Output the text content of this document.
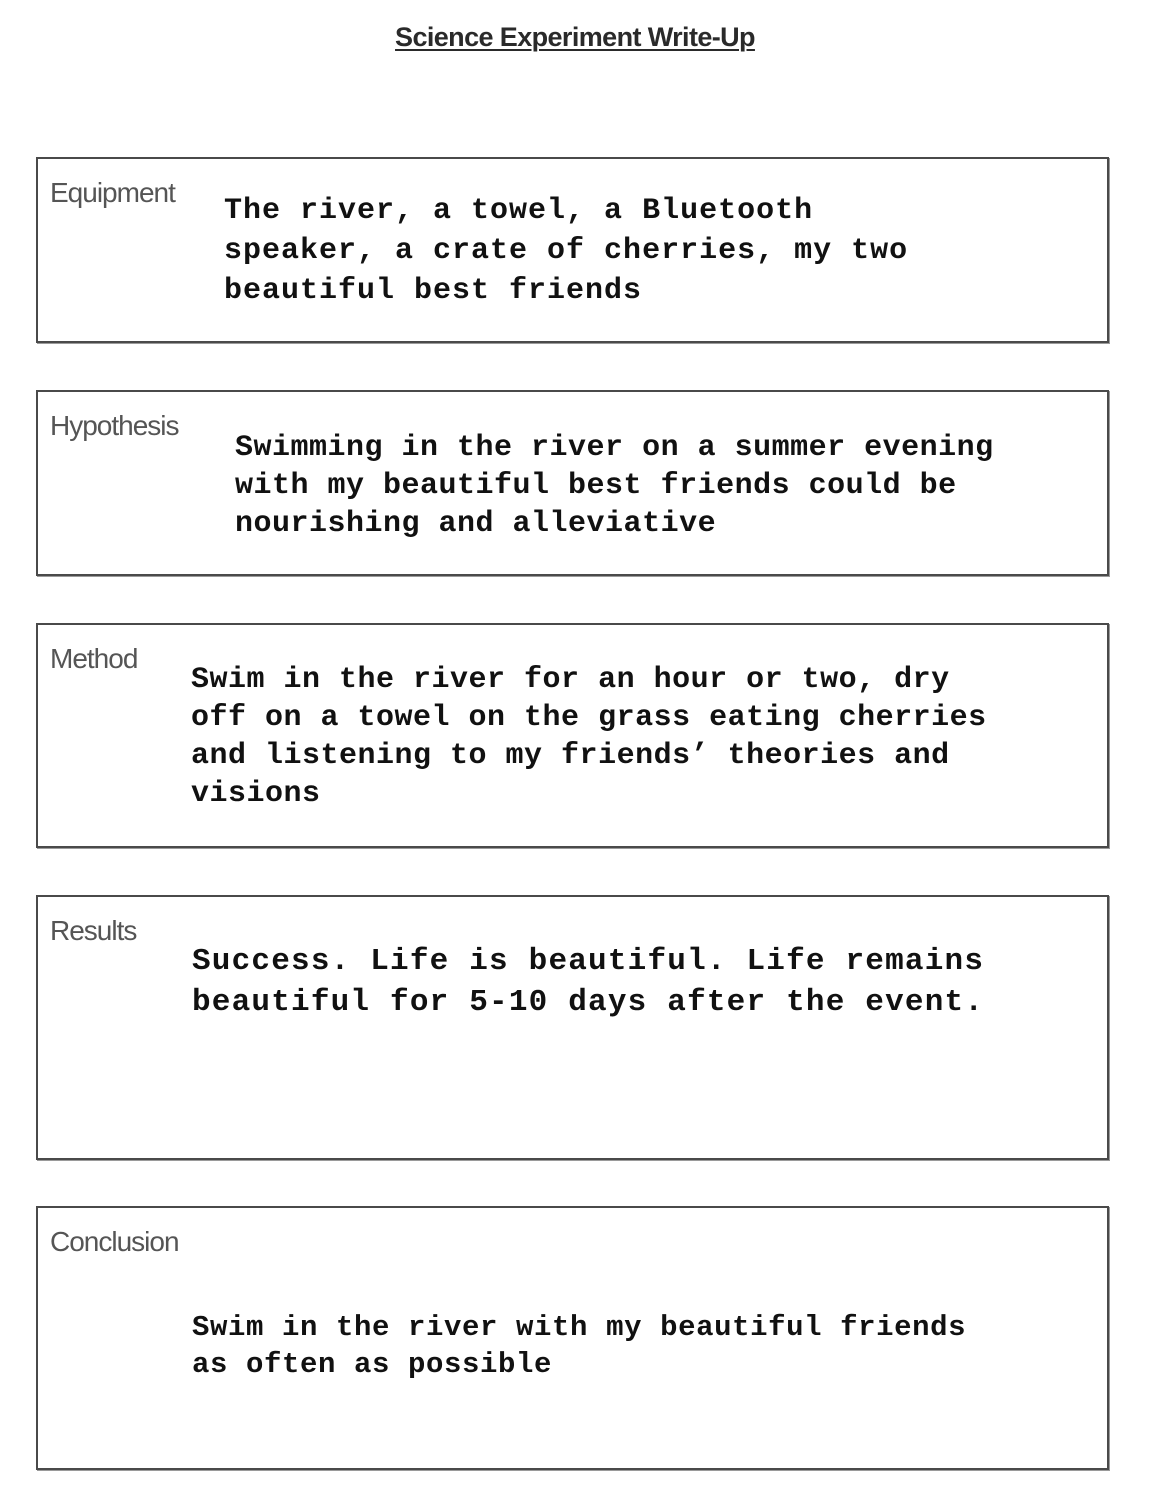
Science Experiment Write-Up
Equipment
The river, a towel, a Bluetooth
speaker, a crate of cherries, my two
beautiful best friends
Hypothesis
Swimming in the river on a summer evening
with my beautiful best friends could be
nourishing and alleviative
Method
Swim in the river for an hour or two, dry
off on a towel on the grass eating cherries
and listening to my friends’ theories and
visions
Results
Success. Life is beautiful. Life remains
beautiful for 5-10 days after the event.
Conclusion
Swim in the river with my beautiful friends
as often as possible
